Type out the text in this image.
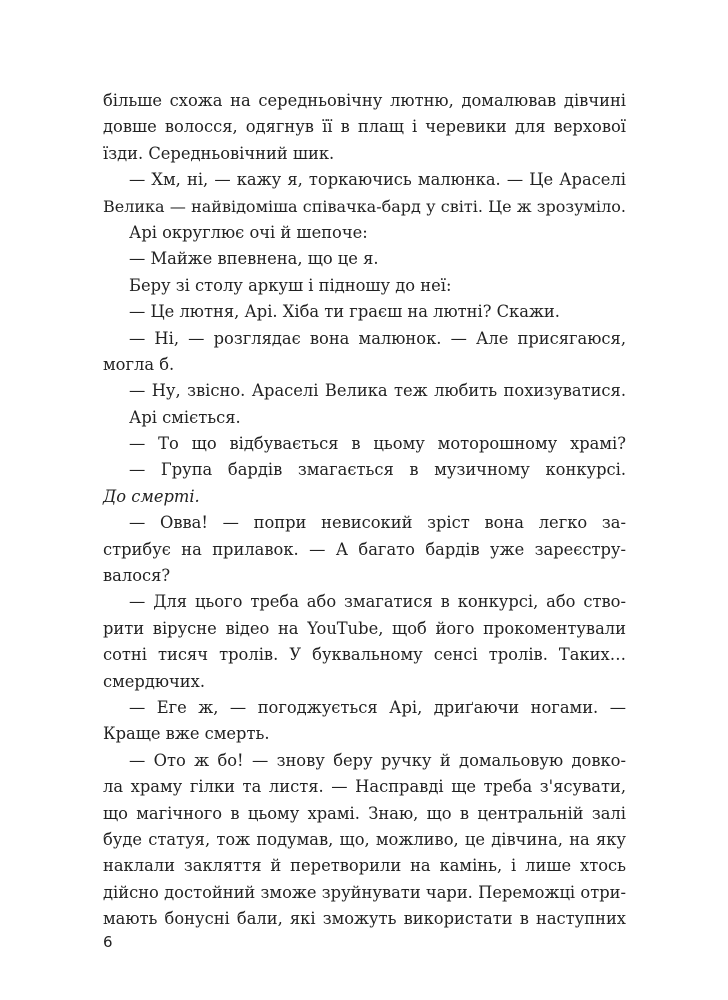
більше схожа на середньовічну лютню, домалював дівчині
довше волосся, одягнув її в плащ і черевики для верхової
їзди. Середньовічний шик.
— Хм, ні, — кажу я, торкаючись малюнка. — Це Араселі
Велика — найвідоміша співачка-бард у світі. Це ж зрозуміло.
Арі округлює очі й шепоче:
— Майже впевнена, що це я.
Беру зі столу аркуш і підношу до неї:
— Це лютня, Арі. Хіба ти граєш на лютні? Скажи.
— Ні, — розглядає вона малюнок. — Але присягаюся,
могла б.
— Ну, звісно. Араселі Велика теж любить похизуватися.
Арі сміється.
— То що відбувається в цьому моторошному храмі?
— Група бардів змагається в музичному конкурсі.
До смерті.
— Овва! — попри невисокий зріст вона легко за-
стрибує на прилавок. — А багато бардів уже зареєстру-
валося?
— Для цього треба або змагатися в конкурсі, або ство-
рити вірусне відео на YouTube, щоб його прокоментували
сотні тисяч тролів. У буквальному сенсі тролів. Таких…
смердючих.
— Еге ж, — погоджується Арі, дриґаючи ногами. —
Краще вже смерть.
— Ото ж бо! — знову беру ручку й домальовую довко-
ла храму гілки та листя. — Насправді ще треба з'ясувати,
що магічного в цьому храмі. Знаю, що в центральній залі
буде статуя, тож подумав, що, можливо, це дівчина, на яку
наклали закляття й перетворили на камінь, і лише хтось
дійсно достойний зможе зруйнувати чари. Переможці отри-
мають бонусні бали, які зможуть використати в наступних
6
